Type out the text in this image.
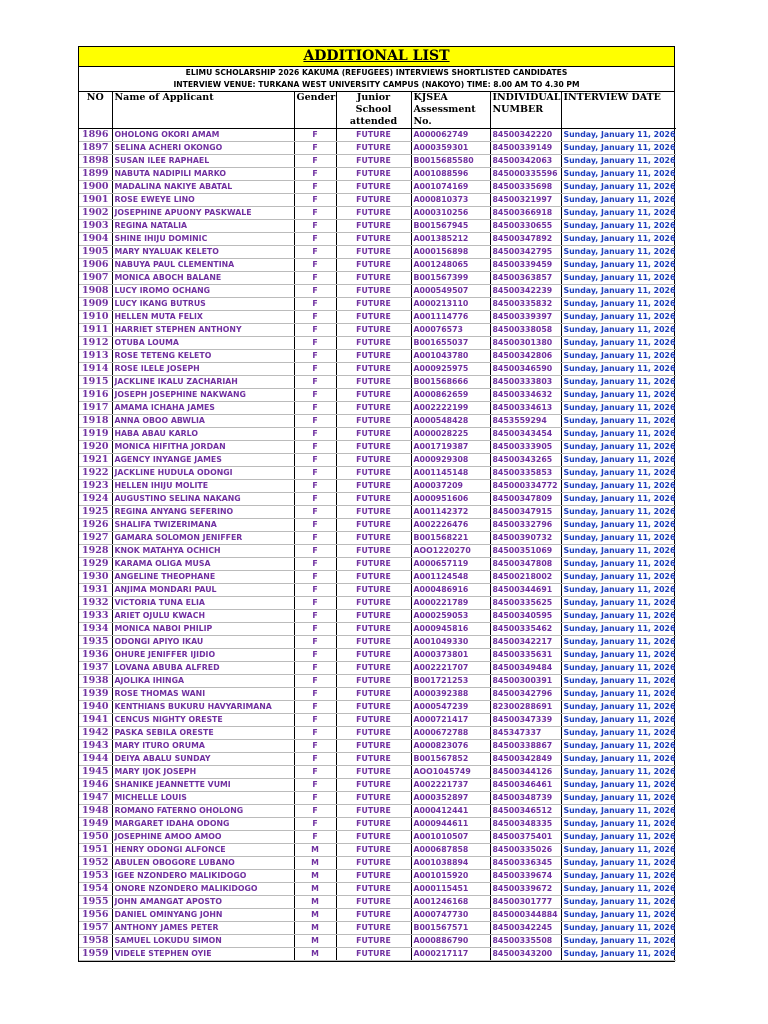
ADDITIONAL LIST
ELIMU SCHOLARSHIP 2026 KAKUMA (REFUGEES) INTERVIEWS SHORTLISTED CANDIDATES
INTERVIEW VENUE: TURKANA WEST UNIVERSITY CAMPUS (NAKOYO) TIME: 8.00 AM TO 4.30 PM
NO	Name of Applicant	Gender	Junior School attended	KJSEA Assessment No.	INDIVIDUAL NUMBER	INTERVIEW DATE
1896	OHOLONG OKORI AMAM	F	FUTURE	A000062749	84500342220	Sunday, January 11, 2026
1897	SELINA ACHERI OKONGO	F	FUTURE	A000359301	84500339149	Sunday, January 11, 2026
1898	SUSAN ILEE RAPHAEL	F	FUTURE	B0015685580	84500342063	Sunday, January 11, 2026
1899	NABUTA NADIPILI MARKO	F	FUTURE	A001088596	845000335596	Sunday, January 11, 2026
1900	MADALINA NAKIYE ABATAL	F	FUTURE	A001074169	84500335698	Sunday, January 11, 2026
1901	ROSE EWEYE LINO	F	FUTURE	A000810373	84500321997	Sunday, January 11, 2026
1902	JOSEPHINE APUONY PASKWALE	F	FUTURE	A000310256	84500366918	Sunday, January 11, 2026
1903	REGINA NATALIA	F	FUTURE	B001567945	84500330655	Sunday, January 11, 2026
1904	SHINE IHIJU DOMINIC	F	FUTURE	A001385212	84500347892	Sunday, January 11, 2026
1905	MARY NYALUAK KELETO	F	FUTURE	A000156898	84500342795	Sunday, January 11, 2026
1906	NABUYA PAUL CLEMENTINA	F	FUTURE	A001248065	84500339459	Sunday, January 11, 2026
1907	MONICA ABOCH BALANE	F	FUTURE	B001567399	84500363857	Sunday, January 11, 2026
1908	LUCY IROMO OCHANG	F	FUTURE	A000549507	84500342239	Sunday, January 11, 2026
1909	LUCY IKANG BUTRUS	F	FUTURE	A000213110	84500335832	Sunday, January 11, 2026
1910	HELLEN MUTA FELIX	F	FUTURE	A001114776	84500339397	Sunday, January 11, 2026
1911	HARRIET STEPHEN ANTHONY	F	FUTURE	A00076573	84500338058	Sunday, January 11, 2026
1912	OTUBA LOUMA	F	FUTURE	B001655037	84500301380	Sunday, January 11, 2026
1913	ROSE TETENG KELETO	F	FUTURE	A001043780	84500342806	Sunday, January 11, 2026
1914	ROSE ILELE JOSEPH	F	FUTURE	A000925975	84500346590	Sunday, January 11, 2026
1915	JACKLINE IKALU ZACHARIAH	F	FUTURE	B001568666	84500333803	Sunday, January 11, 2026
1916	JOSEPH JOSEPHINE NAKWANG	F	FUTURE	A000862659	84500334632	Sunday, January 11, 2026
1917	AMAMA ICHAHA JAMES	F	FUTURE	A002222199	84500334613	Sunday, January 11, 2026
1918	ANNA OBOO ABWLIA	F	FUTURE	A000548428	8453559294	Sunday, January 11, 2026
1919	HABA ABAU KARLO	F	FUTURE	A000028225	84500343454	Sunday, January 11, 2026
1920	MONICA HIFITHA JORDAN	F	FUTURE	A001719387	84500333905	Sunday, January 11, 2026
1921	AGENCY INYANGE JAMES	F	FUTURE	A000929308	84500343265	Sunday, January 11, 2026
1922	JACKLINE HUDULA ODONGI	F	FUTURE	A001145148	84500335853	Sunday, January 11, 2026
1923	HELLEN IHIJU MOLITE	F	FUTURE	A00037209	845000334772	Sunday, January 11, 2026
1924	AUGUSTINO SELINA NAKANG	F	FUTURE	A000951606	84500347809	Sunday, January 11, 2026
1925	REGINA ANYANG SEFERINO	F	FUTURE	A001142372	84500347915	Sunday, January 11, 2026
1926	SHALIFA TWIZERIMANA	F	FUTURE	A002226476	84500332796	Sunday, January 11, 2026
1927	GAMARA SOLOMON JENIFFER	F	FUTURE	B001568221	84500390732	Sunday, January 11, 2026
1928	KNOK MATAHYA OCHICH	F	FUTURE	AOO1220270	84500351069	Sunday, January 11, 2026
1929	KARAMA OLIGA MUSA	F	FUTURE	A000657119	84500347808	Sunday, January 11, 2026
1930	ANGELINE THEOPHANE	F	FUTURE	A001124548	84500218002	Sunday, January 11, 2026
1931	ANJIMA MONDARI PAUL	F	FUTURE	A000486916	84500344691	Sunday, January 11, 2026
1932	VICTORIA TUNA ELIA	F	FUTURE	A000221789	84500335625	Sunday, January 11, 2026
1933	ARIET OJULU KWACH	F	FUTURE	A000259053	84500340595	Sunday, January 11, 2026
1934	MONICA NABOI PHILIP	F	FUTURE	A000945816	84500335462	Sunday, January 11, 2026
1935	ODONGI APIYO IKAU	F	FUTURE	A001049330	84500342217	Sunday, January 11, 2026
1936	OHURE JENIFFER IJIDIO	F	FUTURE	A000373801	84500335631	Sunday, January 11, 2026
1937	LOVANA ABUBA ALFRED	F	FUTURE	A002221707	84500349484	Sunday, January 11, 2026
1938	AJOLIKA IHINGA	F	FUTURE	B001721253	84500300391	Sunday, January 11, 2026
1939	ROSE THOMAS WANI	F	FUTURE	A000392388	84500342796	Sunday, January 11, 2026
1940	KENTHIANS BUKURU HAVYARIMANA	F	FUTURE	A000547239	82300288691	Sunday, January 11, 2026
1941	CENCUS NIGHTY ORESTE	F	FUTURE	A000721417	84500347339	Sunday, January 11, 2026
1942	PASKA SEBILA ORESTE	F	FUTURE	A000672788	845347337	Sunday, January 11, 2026
1943	MARY ITURO ORUMA	F	FUTURE	A000823076	84500338867	Sunday, January 11, 2026
1944	DEIYA ABALU SUNDAY	F	FUTURE	B001567852	84500342849	Sunday, January 11, 2026
1945	MARY IJOK JOSEPH	F	FUTURE	AOO1045749	84500344126	Sunday, January 11, 2026
1946	SHANIKE JEANNETTE VUMI	F	FUTURE	A002221737	84500346461	Sunday, January 11, 2026
1947	MICHELLE LOUIS	F	FUTURE	A000352897	84500348739	Sunday, January 11, 2026
1948	ROMANO FATERNO OHOLONG	F	FUTURE	A000412441	84500346512	Sunday, January 11, 2026
1949	MARGARET IDAHA ODONG	F	FUTURE	A000944611	84500348335	Sunday, January 11, 2026
1950	JOSEPHINE AMOO AMOO	F	FUTURE	A001010507	84500375401	Sunday, January 11, 2026
1951	HENRY ODONGI ALFONCE	M	FUTURE	A000687858	84500335026	Sunday, January 11, 2026
1952	ABULEN OBOGORE LUBANO	M	FUTURE	A001038894	84500336345	Sunday, January 11, 2026
1953	IGEE NZONDERO MALIKIDOGO	M	FUTURE	A001015920	84500339674	Sunday, January 11, 2026
1954	ONORE NZONDERO MALIKIDOGO	M	FUTURE	A000115451	84500339672	Sunday, January 11, 2026
1955	JOHN AMANGAT APOSTO	M	FUTURE	A001246168	84500301777	Sunday, January 11, 2026
1956	DANIEL OMINYANG JOHN	M	FUTURE	A000747730	845000344884	Sunday, January 11, 2026
1957	ANTHONY JAMES PETER	M	FUTURE	B001567571	84500342245	Sunday, January 11, 2026
1958	SAMUEL LOKUDU SIMON	M	FUTURE	A000886790	84500335508	Sunday, January 11, 2026
1959	VIDELE STEPHEN OYIE	M	FUTURE	A000217117	84500343200	Sunday, January 11, 2026
